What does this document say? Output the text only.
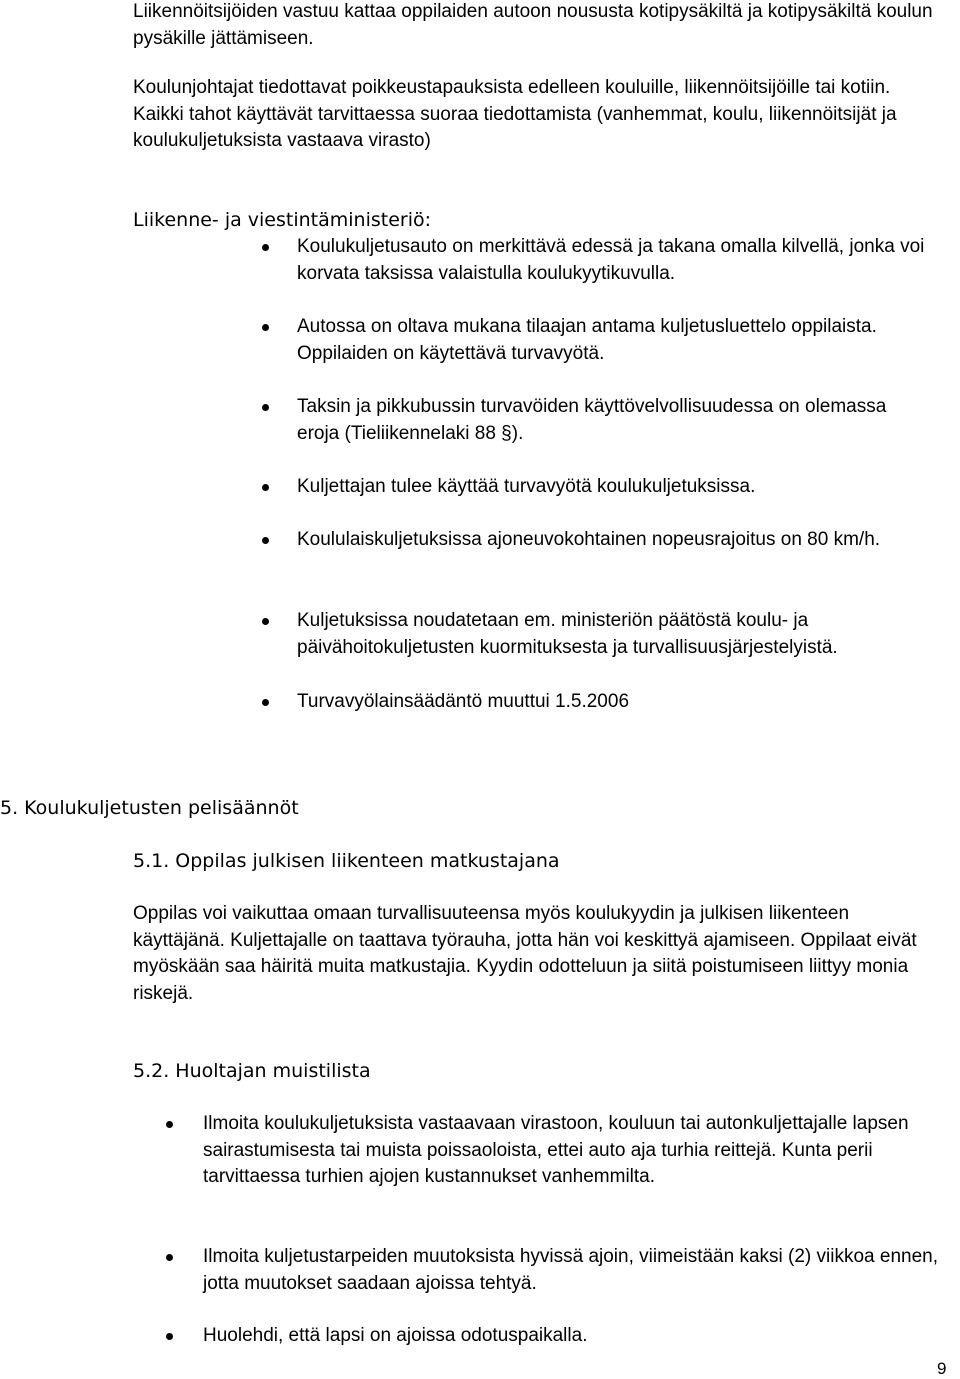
Liikennöitsijöiden vastuu kattaa oppilaiden autoon noususta kotipysäkiltä ja kotipysäkiltä koulun pysäkille jättämiseen.
Koulunjohtajat tiedottavat poikkeustapauksista edelleen kouluille, liikennöitsijöille tai kotiin. Kaikki tahot käyttävät tarvittaessa suoraa tiedottamista (vanhemmat, koulu, liikennöitsijät ja koulukuljetuksista vastaava virasto)
Liikenne- ja viestintäministeriö:
Koulukuljetusauto on merkittävä edessä ja takana omalla kilvellä, jonka voi korvata taksissa valaistulla koulukyytikuvulla.
Autossa on oltava mukana tilaajan antama kuljetusluettelo oppilaista. Oppilaiden on käytettävä turvavyötä.
Taksin ja pikkubussin turvavöiden käyttövelvollisuudessa on olemassa eroja (Tieliikennelaki 88 §).
Kuljettajan tulee käyttää turvavyötä koulukuljetuksissa.
Koululaiskuljetuksissa ajoneuvokohtainen nopeusrajoitus on 80 km/h.
Kuljetuksissa noudatetaan em. ministeriön päätöstä koulu- ja päivähoitokuljetusten kuormituksesta ja turvallisuusjärjestelyistä.
Turvavyölainsäädäntö muuttui 1.5.2006
5. Koulukuljetusten pelisäännöt
5.1. Oppilas julkisen liikenteen matkustajana
Oppilas voi vaikuttaa omaan turvallisuuteensa myös koulukyydin ja julkisen liikenteen käyttäjänä. Kuljettajalle on taattava työrauha, jotta hän voi keskittyä ajamiseen. Oppilaat eivät myöskään saa häiritä muita matkustajia. Kyydin odotteluun ja siitä poistumiseen liittyy monia riskejä.
5.2. Huoltajan muistilista
Ilmoita koulukuljetuksista vastaavaan virastoon, kouluun tai autonkuljettajalle lapsen sairastumisesta tai muista poissaoloista, ettei auto aja turhia reittejä. Kunta perii tarvittaessa turhien ajojen kustannukset vanhemmilta.
Ilmoita kuljetustarpeiden muutoksista hyvissä ajoin, viimeistään kaksi (2) viikkoa ennen, jotta muutokset saadaan ajoissa tehtyä.
Huolehdi, että lapsi on ajoissa odotuspaikalla.
9
